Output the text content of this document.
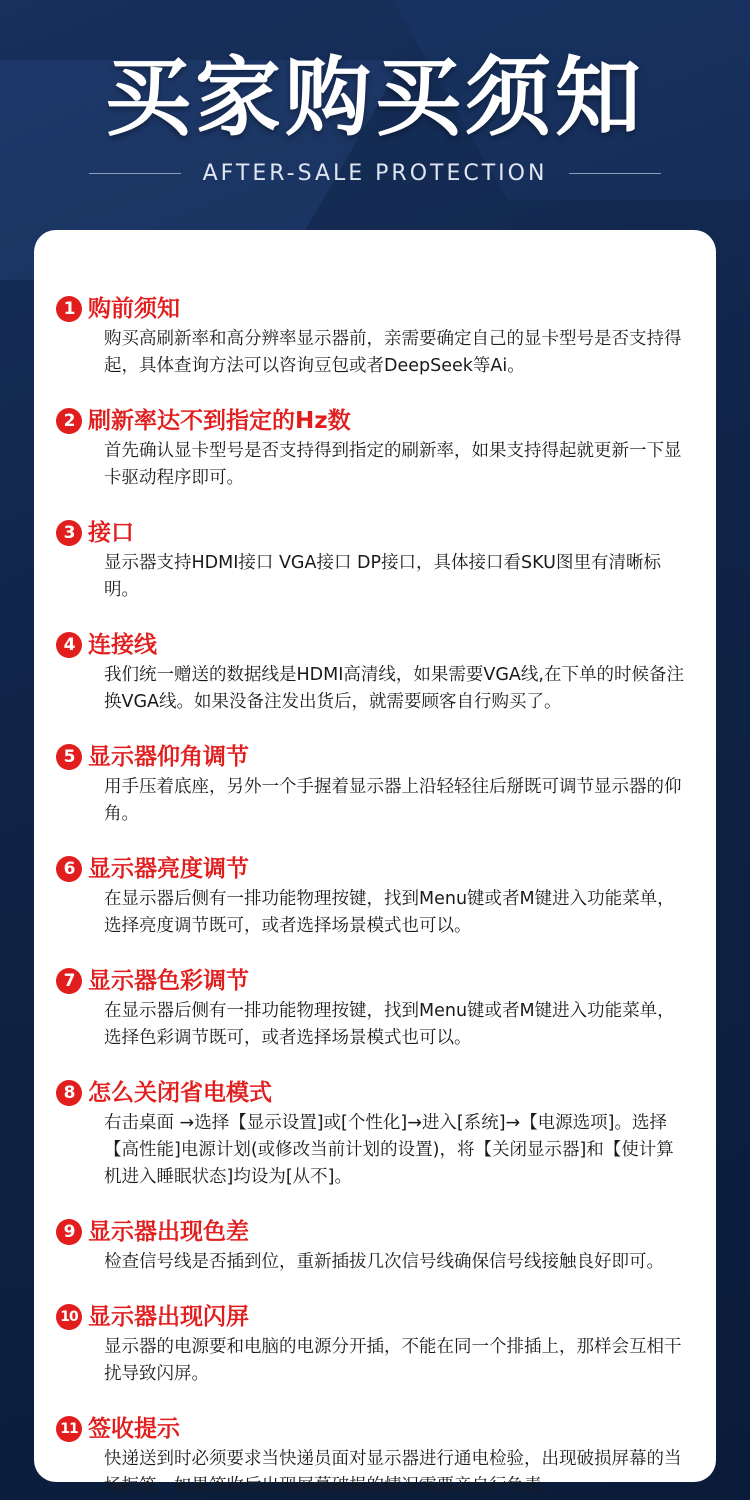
买家购买须知
AFTER-SALE PROTECTION
1 购前须知
购买高刷新率和高分辨率显示器前，亲需要确定自己的显卡型号是否支持得起，具体查询方法可以咨询豆包或者DeepSeek等Ai。
2 刷新率达不到指定的Hz数
首先确认显卡型号是否支持得到指定的刷新率，如果支持得起就更新一下显卡驱动程序即可。
3 接口
显示器支持HDMI接口 VGA接口 DP接口，具体接口看SKU图里有清晰标明。
4 连接线
我们统一赠送的数据线是HDMI高清线，如果需要VGA线,在下单的时候备注换VGA线。如果没备注发出货后，就需要顾客自行购买了。
5 显示器仰角调节
用手压着底座，另外一个手握着显示器上沿轻轻往后掰既可调节显示器的仰角。
6 显示器亮度调节
在显示器后侧有一排功能物理按键，找到Menu键或者M键进入功能菜单，选择亮度调节既可，或者选择场景模式也可以。
7 显示器色彩调节
在显示器后侧有一排功能物理按键，找到Menu键或者M键进入功能菜单，选择色彩调节既可，或者选择场景模式也可以。
8 怎么关闭省电模式
右击桌面 →选择【显示设置]或[个性化]→进入[系统]→【电源选项]。选择【高性能]电源计划(或修改当前计划的设置)，将【关闭显示器]和【使计算机进入睡眠状态]均设为[从不]。
9 显示器出现色差
检查信号线是否插到位，重新插拔几次信号线确保信号线接触良好即可。
10 显示器出现闪屏
显示器的电源要和电脑的电源分开插，不能在同一个排插上，那样会互相干扰导致闪屏。
11 签收提示
快递送到时必须要求当快递员面对显示器进行通电检验，出现破损屏幕的当场拒签，如果签收后出现屏幕破损的情况需要亲自行负责。
